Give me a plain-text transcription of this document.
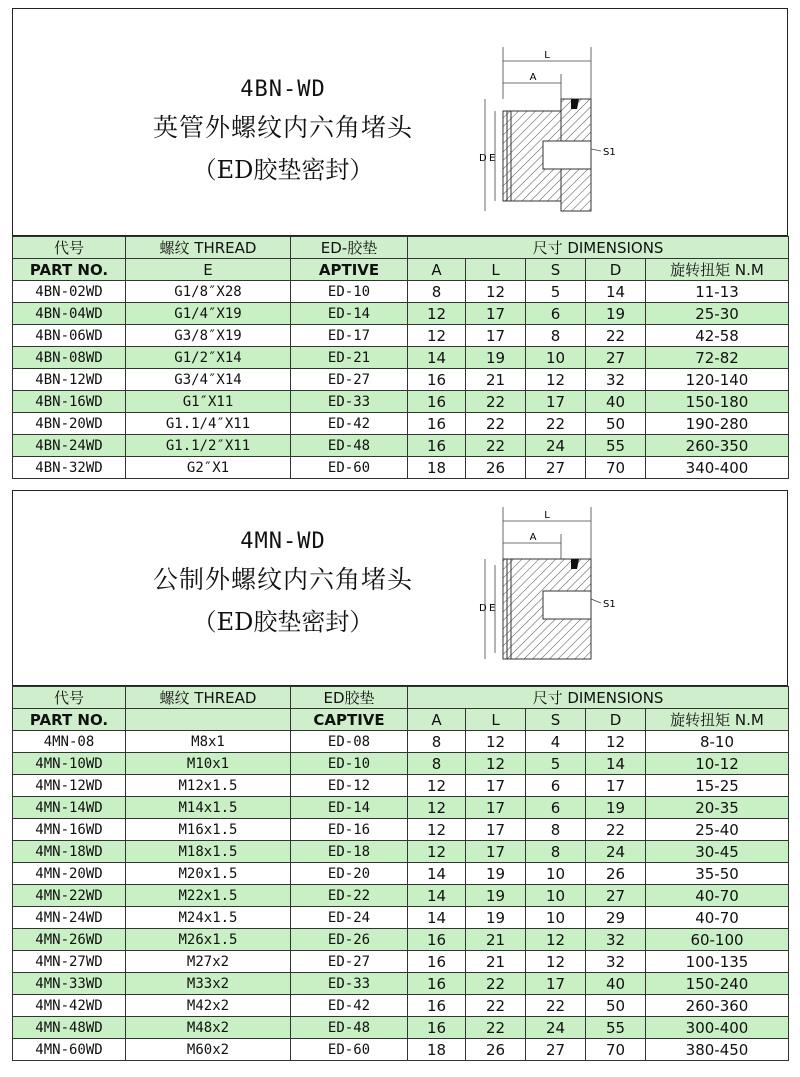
4BN-WD
英管外螺纹内六角堵头
（ED胶垫密封）
L
A
D E
S1
代号	螺纹 THREAD	ED-胶垫	尺寸 DIMENSIONS				
PART NO.	E	APTIVE	A	L	S	D	旋转扭矩 N.M
4BN-02WD	G1/8″X28	ED-10	8	12	5	14	11-13
4BN-04WD	G1/4″X19	ED-14	12	17	6	19	25-30
4BN-06WD	G3/8″X19	ED-17	12	17	8	22	42-58
4BN-08WD	G1/2″X14	ED-21	14	19	10	27	72-82
4BN-12WD	G3/4″X14	ED-27	16	21	12	32	120-140
4BN-16WD	G1″X11	ED-33	16	22	17	40	150-180
4BN-20WD	G1.1/4″X11	ED-42	16	22	22	50	190-280
4BN-24WD	G1.1/2″X11	ED-48	16	22	24	55	260-350
4BN-32WD	G2″X1	ED-60	18	26	27	70	340-400
4MN-WD
公制外螺纹内六角堵头
（ED胶垫密封）
L
A
D E	S1
代号	螺纹 THREAD	ED胶垫	尺寸 DIMENSIONS				
PART NO.		CAPTIVE	A	L	S	D	旋转扭矩 N.M
4MN-08	M8x1	ED-08	8	12	4	12	8-10
4MN-10WD	M10x1	ED-10	8	12	5	14	10-12
4MN-12WD	M12x1.5	ED-12	12	17	6	17	15-25
4MN-14WD	M14x1.5	ED-14	12	17	6	19	20-35
4MN-16WD	M16x1.5	ED-16	12	17	8	22	25-40
4MN-18WD	M18x1.5	ED-18	12	17	8	24	30-45
4MN-20WD	M20x1.5	ED-20	14	19	10	26	35-50
4MN-22WD	M22x1.5	ED-22	14	19	10	27	40-70
4MN-24WD	M24x1.5	ED-24	14	19	10	29	40-70
4MN-26WD	M26x1.5	ED-26	16	21	12	32	60-100
4MN-27WD	M27x2	ED-27	16	21	12	32	100-135
4MN-33WD	M33x2	ED-33	16	22	17	40	150-240
4MN-42WD	M42x2	ED-42	16	22	22	50	260-360
4MN-48WD	M48x2	ED-48	16	22	24	55	300-400
4MN-60WD	M60x2	ED-60	18	26	27	70	380-450
